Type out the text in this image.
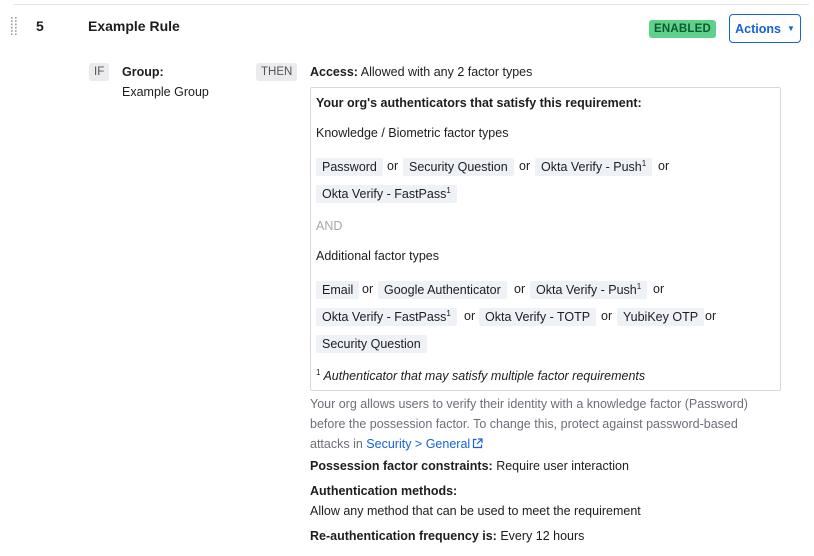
5	Example Rule	ENABLED	Actions ▼
IF	Group:
Example Group
THEN	Access: Allowed with any 2 factor types
Your org's authenticators that satisfy this requirement:
Knowledge / Biometric factor types
Password or Security Question or Okta Verify - Push$^1$ or
Okta Verify - FastPass$^1$
AND
Additional factor types
Email or Google Authenticator	or Okta Verify - Push$^1$ or
Okta Verify - FastPass$^1$	or Okta Verify - TOTP or YubiKey OTP or
Security Question
$^1$ Authenticator that may satisfy multiple factor requirements
Your org allows users to verify their identity with a knowledge factor (Password) before the possession factor. To change this, protect against password-based attacks in Security > General
Possession factor constraints: Require user interaction
Authentication methods:
Allow any method that can be used to meet the requirement
Re-authentication frequency is: Every 12 hours
